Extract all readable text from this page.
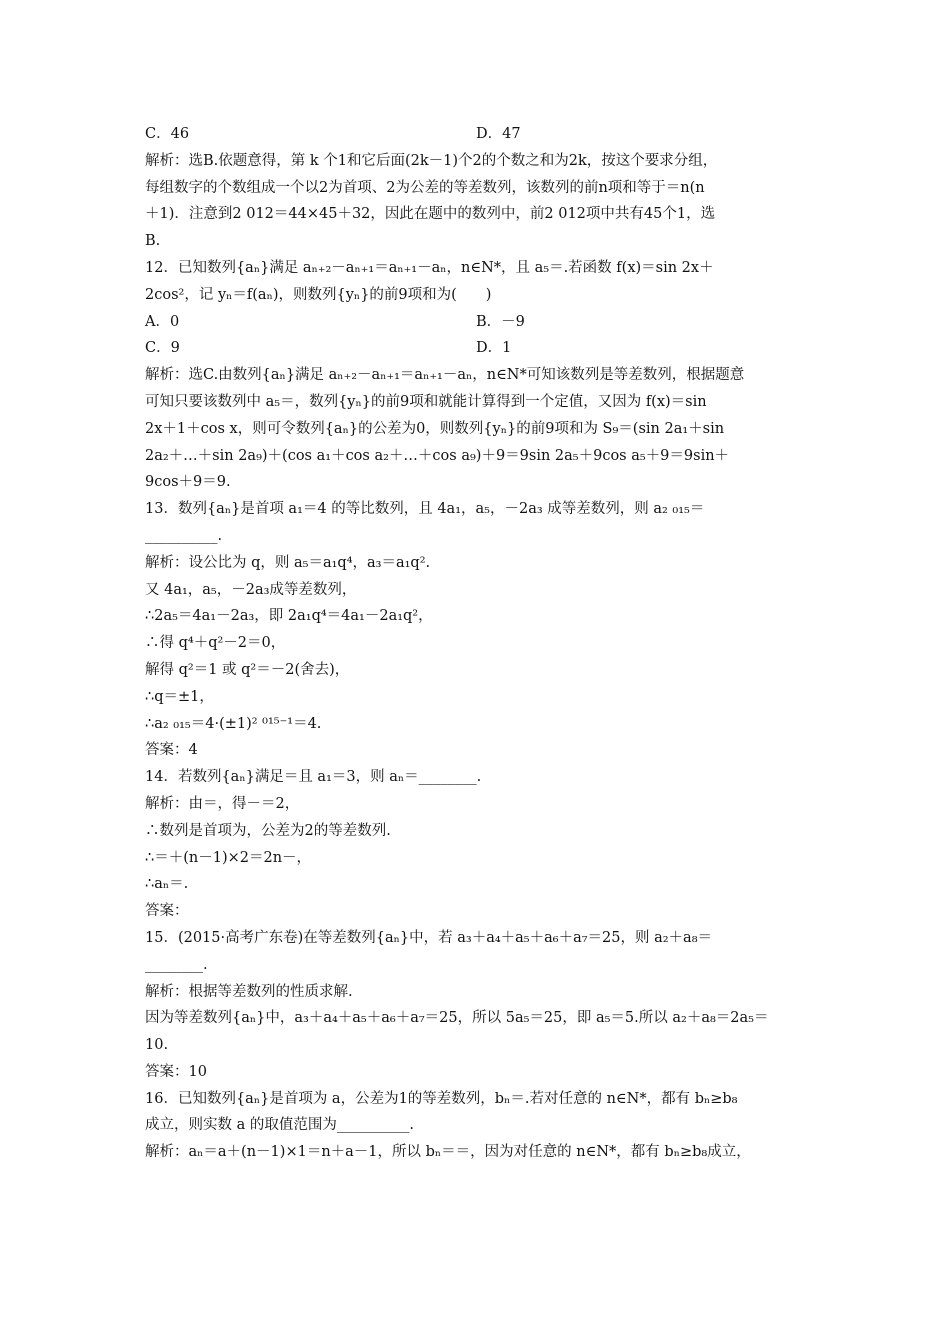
C．46	D．47
解析：选B.依题意得，第 k 个1和它后面(2k－1)个2的个数之和为2k，按这个要求分组，
每组数字的个数组成一个以2为首项、2为公差的等差数列，该数列的前n项和等于＝n(n
＋1)．注意到2 012＝44×45＋32，因此在题中的数列中，前2 012项中共有45个1，选
B.
12．已知数列{aₙ}满足 aₙ₊₂－aₙ₊₁＝aₙ₊₁－aₙ，n∈N*，且 a₅＝.若函数 f(x)＝sin 2x＋
2cos²，记 yₙ＝f(aₙ)，则数列{yₙ}的前9项和为(　　)
A．0	B．－9
C．9	D．1
解析：选C.由数列{aₙ}满足 aₙ₊₂－aₙ₊₁＝aₙ₊₁－aₙ，n∈N*可知该数列是等差数列，根据题意
可知只要该数列中 a₅＝，数列{yₙ}的前9项和就能计算得到一个定值，又因为 f(x)＝sin
2x＋1＋cos x，则可令数列{aₙ}的公差为0，则数列{yₙ}的前9项和为 S₉＝(sin 2a₁＋sin
2a₂＋…＋sin 2a₉)＋(cos a₁＋cos a₂＋…＋cos a₉)＋9＝9sin 2a₅＋9cos a₅＋9＝9sin＋
9cos＋9＝9.
13．数列{aₙ}是首项 a₁＝4 的等比数列，且 4a₁，a₅，－2a₃ 成等差数列，则 a₂ ₀₁₅＝
__________.
解析：设公比为 q，则 a₅＝a₁q⁴，a₃＝a₁q².
又 4a₁，a₅，－2a₃成等差数列，
∴2a₅＝4a₁－2a₃，即 2a₁q⁴＝4a₁－2a₁q²，
∴得 q⁴＋q²－2＝0，
解得 q²＝1 或 q²＝－2(舍去)，
∴q＝±1，
∴a₂ ₀₁₅＝4·(±1)² ⁰¹⁵⁻¹＝4.
答案：4
14．若数列{aₙ}满足＝且 a₁＝3，则 aₙ＝________.
解析：由＝，得－＝2，
∴数列是首项为，公差为2的等差数列.
∴＝＋(n－1)×2＝2n－，
∴aₙ＝.
答案：
15．(2015·高考广东卷)在等差数列{aₙ}中，若 a₃＋a₄＋a₅＋a₆＋a₇＝25，则 a₂＋a₈＝
________.
解析：根据等差数列的性质求解.
因为等差数列{aₙ}中，a₃＋a₄＋a₅＋a₆＋a₇＝25，所以 5a₅＝25，即 a₅＝5.所以 a₂＋a₈＝2a₅＝
10.
答案：10
16．已知数列{aₙ}是首项为 a，公差为1的等差数列，bₙ＝.若对任意的 n∈N*，都有 bₙ≥b₈
成立，则实数 a 的取值范围为__________.
解析：aₙ＝a＋(n－1)×1＝n＋a－1，所以 bₙ＝＝，因为对任意的 n∈N*，都有 bₙ≥b₈成立，
